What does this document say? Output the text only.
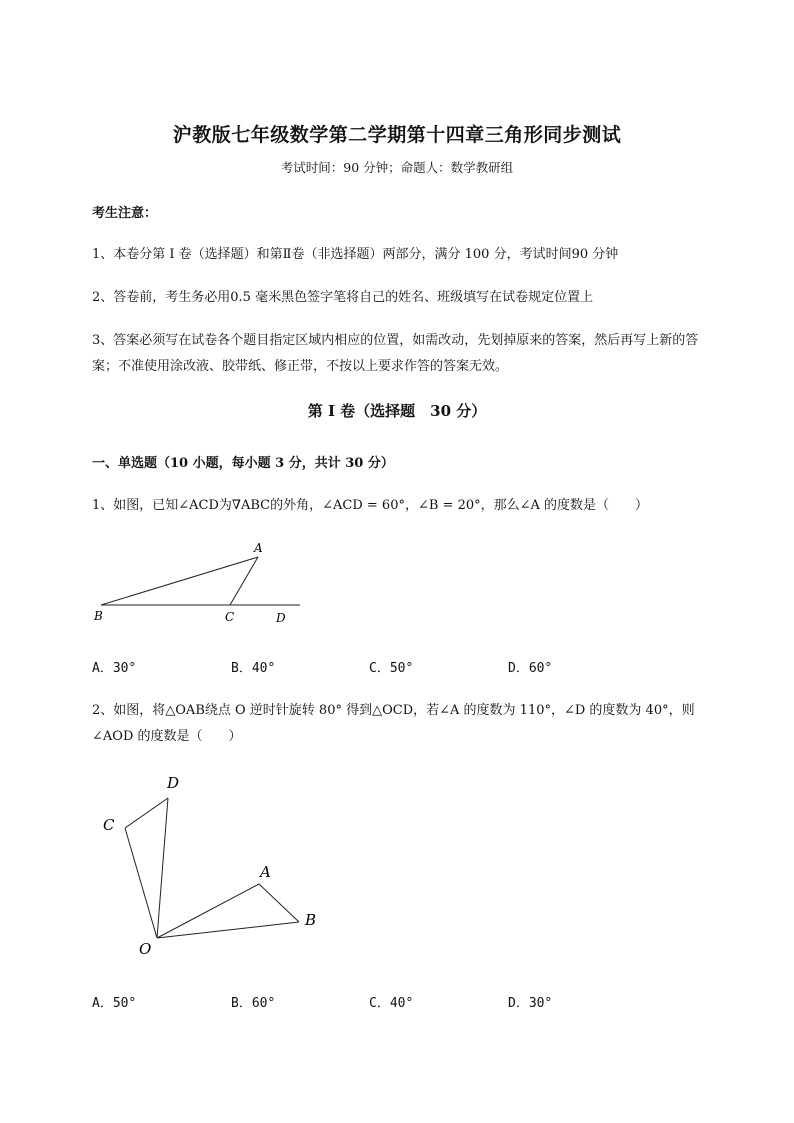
沪教版七年级数学第二学期第十四章三角形同步测试
考试时间：90 分钟；命题人：数学教研组
考生注意：
1、本卷分第 I 卷（选择题）和第Ⅱ卷（非选择题）两部分，满分 100 分，考试时间90 分钟
2、答卷前，考生务必用0.5 毫米黑色签字笔将自己的姓名、班级填写在试卷规定位置上
3、答案必须写在试卷各个题目指定区域内相应的位置，如需改动，先划掉原来的答案，然后再写上新的答案；不准使用涂改液、胶带纸、修正带，不按以上要求作答的答案无效。
第 I 卷（选择题　30 分）
一、单选题（10 小题，每小题 3 分，共计 30 分）
1、如图，已知∠ACD为∇ABC的外角，∠ACD = 60°，∠B = 20°，那么∠A 的度数是（　　）
A
B	C	D
A．30°	B．40°	C．50°	D．60°
2、如图，将△OAB绕点 O 逆时针旋转 80° 得到△OCD，若∠A 的度数为 110°，∠D 的度数为 40°，则∠AOD 的度数是（　　）
D
C
A
B
O
A．50°	B．60°	C．40°	D．30°
